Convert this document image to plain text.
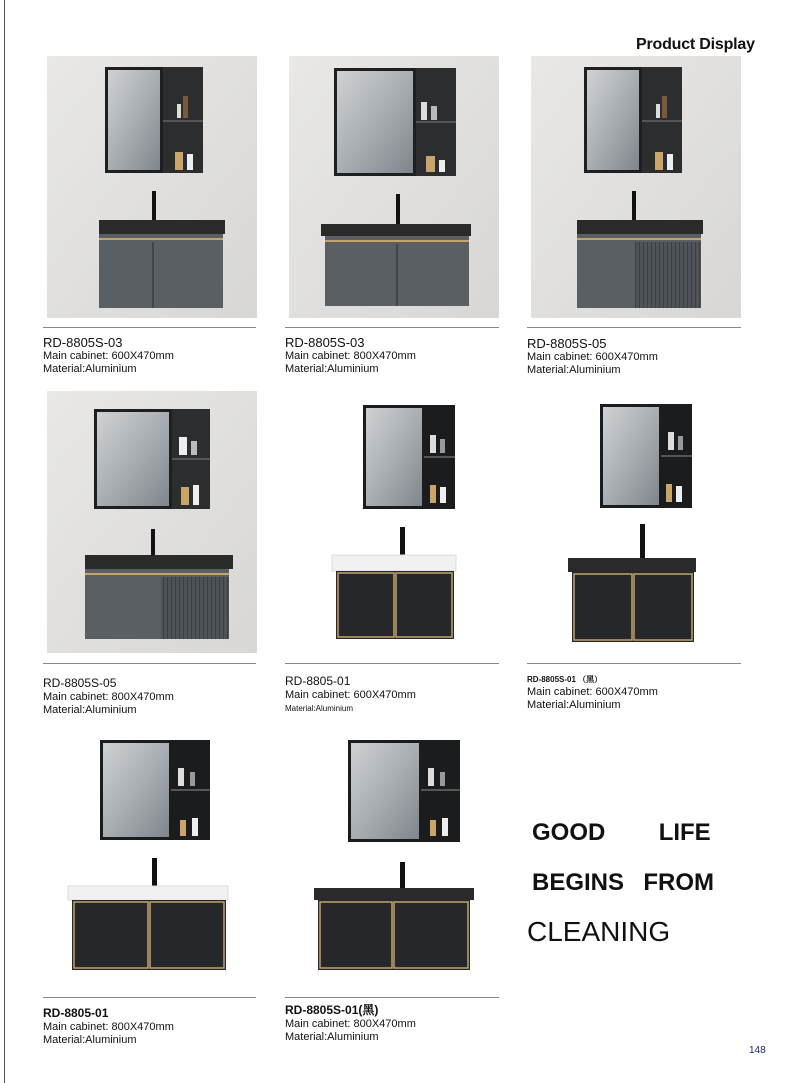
Product Display
RD-8805S-03
Main cabinet: 600X470mm
Material:Aluminium
RD-8805S-03
Main cabinet: 800X470mm
Material:Aluminium
RD-8805S-05
Main cabinet: 600X470mm
Material:Aluminium
RD-8805S-05
Main cabinet: 800X470mm
Material:Aluminium
RD-8805-01
Main cabinet: 600X470mm
Material:Aluminium
RD-8805S-01 （黑）
Main cabinet: 600X470mm
Material:Aluminium
RD-8805-01
Main cabinet: 800X470mm
Material:Aluminium
RD-8805S-01(黑)
Main cabinet: 800X470mm
Material:Aluminium
GOOD LIFE
BEGINS FROM
CLEANING
148
